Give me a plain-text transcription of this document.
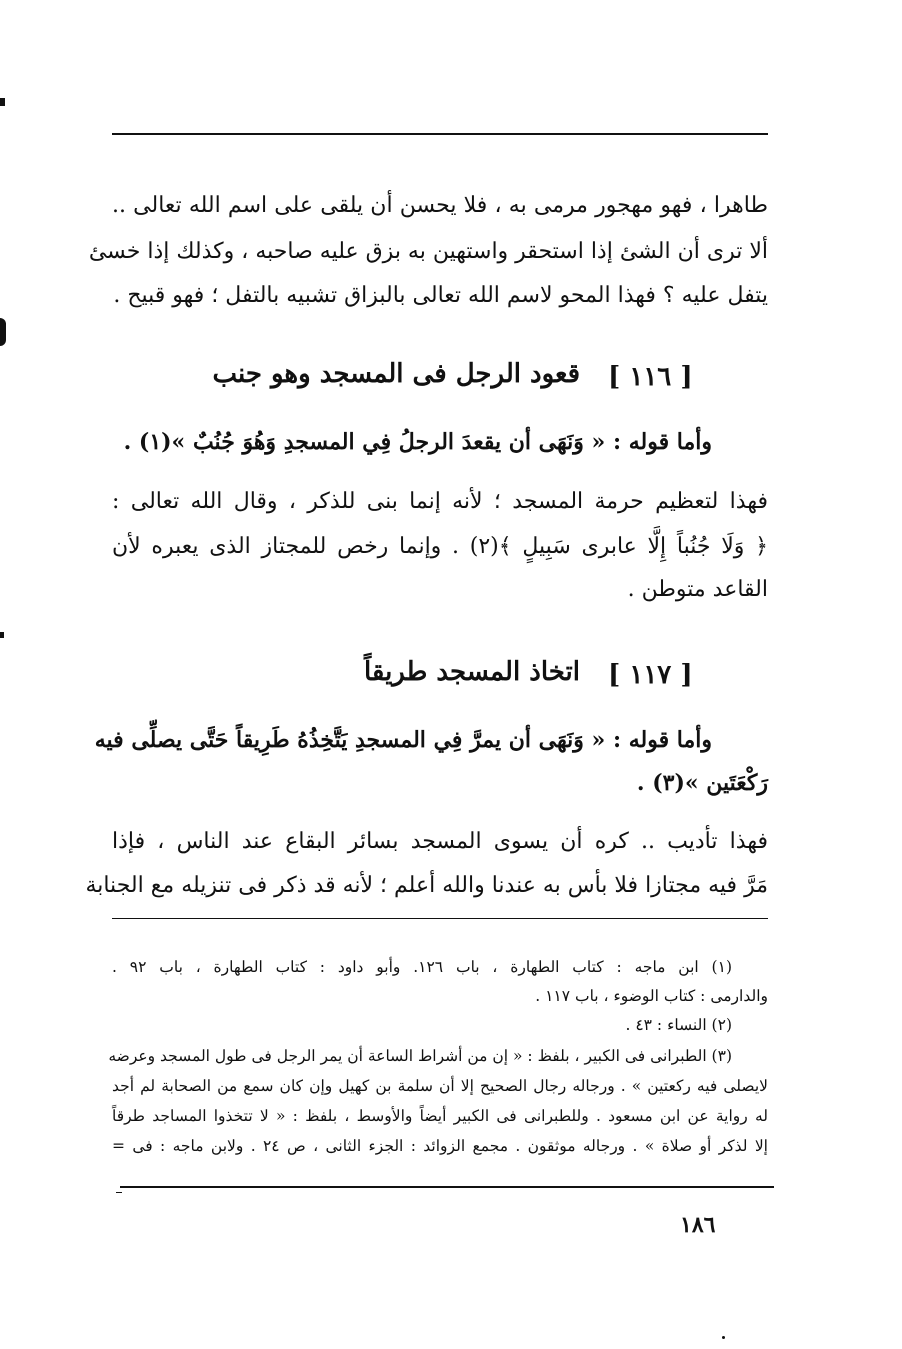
طاهرا ، فهو مهجور مرمى به ، فلا يحسن أن يلقى على اسم الله تعالى ..
ألا ترى أن الشئ إذا استحقر واستهين به بزق عليه صاحبه ، وكذلك إذا خسئ
يتفل عليه ؟ فهذا المحو لاسم الله تعالى بالبزاق تشبيه بالتفل ؛ فهو قبيح .
[ ١١٦ ]
قعود الرجل فى المسجد وهو جنب
وأما قوله : « وَنَهَى أن يقعدَ الرجلُ فِي المسجدِ وَهُوَ جُنُبٌ »(١) .
فهذا لتعظيم حرمة المسجد ؛ لأنه إنما بنى للذكر ، وقال الله تعالى :
﴿ وَلَا جُنُباً إِلَّا عابرى سَبِيلٍ ﴾(٢) . وإنما رخص للمجتاز الذى يعبره لأن
القاعد متوطن .
[ ١١٧ ]
اتخاذ المسجد طريقاً
وأما قوله : « وَنَهَى أن يمرَّ فِي المسجدِ يَتَّخِذُهُ طَرِيقاً حَتَّى يصلِّى فيه
رَكْعَتَين »(٣) .
فهذا تأديب .. كره أن يسوى المسجد بسائر البقاع عند الناس ، فإذا
مَرَّ فيه مجتازا فلا بأس به عندنا والله أعلم ؛ لأنه قد ذكر فى تنزيله مع الجنابة
(١) ابن ماجه : كتاب الطهارة ، باب ١٢٦. وأبو داود : كتاب الطهارة ، باب ٩٢ .
والدارمى : كتاب الوضوء ، باب ١١٧ .
(٢) النساء : ٤٣ .
(٣) الطبرانى فى الكبير ، بلفظ : « إن من أشراط الساعة أن يمر الرجل فى طول المسجد وعرضه
لايصلى فيه ركعتين » . ورجاله رجال الصحيح إلا أن سلمة بن كهيل وإن كان سمع من الصحابة لم أجد
له رواية عن ابن مسعود . وللطبرانى فى الكبير أيضاً والأوسط ، بلفظ : « لا تتخذوا المساجد طرقاً
إلا لذكر أو صلاة » . ورجاله موثقون . مجمع الزوائد : الجزء الثانى ، ص ٢٤ . ولابن ماجه : فى =
١٨٦
